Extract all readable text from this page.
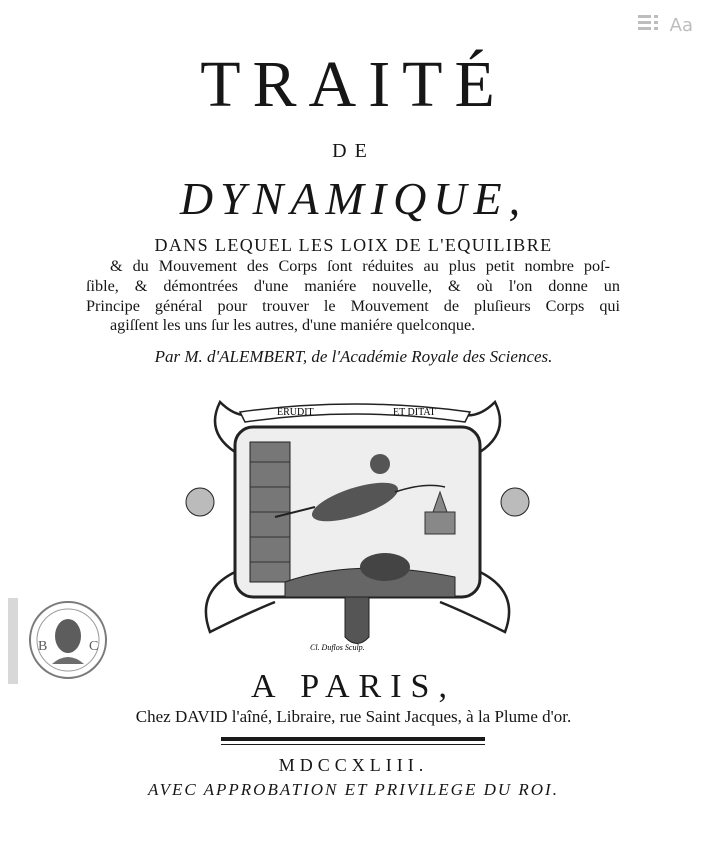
Aa
TRAITÉ
DE
DYNAMIQUE,
DANS LEQUEL LES LOIX DE L'EQUILIBRE
& du Mouvement des Corps ſont réduites au plus petit nombre poſ-
ſible, & démontrées d'une maniére nouvelle, & où l'on donne un
Principe général pour trouver le Mouvement de pluſieurs Corps qui
agiſſent les uns ſur les autres, d'une maniére quelconque.
Par M. d'ALEMBERT, de l'Académie Royale des Sciences.
ERUDIT	ET DITAT
Cl. Duflos Sculp.
B	C
A PARIS,
Chez DAVID l'aîné, Libraire, rue Saint Jacques, à la Plume d'or.
MDCCXLIII.
AVEC APPROBATION ET PRIVILEGE DU ROI.
